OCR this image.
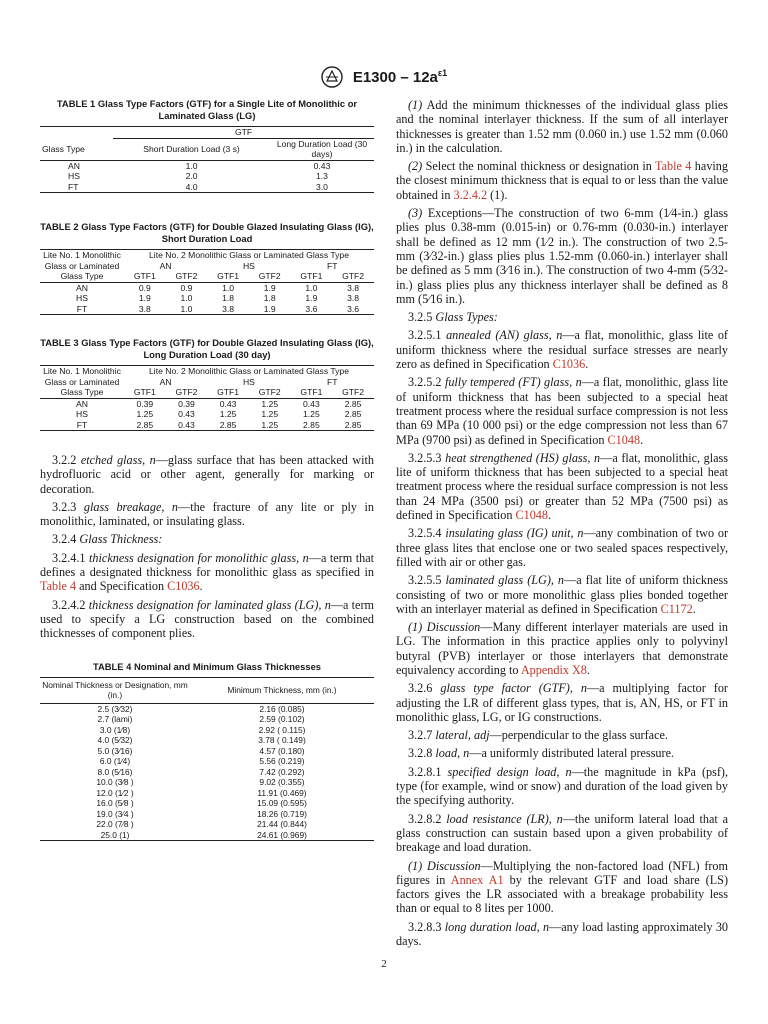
$E1300 - 12a^{\varepsilon 1}$

TABLE 1 Glass Type Factors (GTF) for a Single Lite of Monolithic or Laminated Glass (LG)

	GTF	
Glass Type	Short Duration Load (3 s)	Long Duration Load (30 days)
AN	1.0	0.43
HS	2.0	1.3
FT	4.0	3.0

TABLE 2 Glass Type Factors (GTF) for Double Glazed Insulating Glass (IG), Short Duration Load

Lite No. 1 Monolithic Glass or Laminated Glass Type	Lite No. 2 Monolithic Glass or Laminated Glass Type					
	AN		HS		FT	
	GTF1	GTF2	GTF1	GTF2	GTF1	GTF2
AN	0.9	0.9	1.0	1.9	1.0	3.8
HS	1.9	1.0	1.8	1.8	1.9	3.8
FT	3.8	1.0	3.8	1.9	3.6	3.6

TABLE 3 Glass Type Factors (GTF) for Double Glazed Insulating Glass (IG), Long Duration Load (30 day)

Lite No. 1 Monolithic Glass or Laminated Glass Type	Lite No. 2 Monolithic Glass or Laminated Glass Type					
	AN		HS		FT	
	GTF1	GTF2	GTF1	GTF2	GTF1	GTF2
AN	0.39	0.39	0.43	1.25	0.43	2.85
HS	1.25	0.43	1.25	1.25	1.25	2.85
FT	2.85	0.43	2.85	1.25	2.85	2.85

3.2.2 etched glass, n—glass surface that has been attacked with hydrofluoric acid or other agent, generally for marking or decoration.

3.2.3 glass breakage, n—the fracture of any lite or ply in monolithic, laminated, or insulating glass.

3.2.4 Glass Thickness:

3.2.4.1 thickness designation for monolithic glass, n—a term that defines a designated thickness for monolithic glass as specified in Table 4 and Specification C1036.

3.2.4.2 thickness designation for laminated glass (LG), n—a term used to specify a LG construction based on the combined thicknesses of component plies.

TABLE 4 Nominal and Minimum Glass Thicknesses

Nominal Thickness or Designation, mm (in.)	Minimum Thickness, mm (in.)
2.5 (3⁄32)	2.16 (0.085)
2.7 (lami)	2.59 (0.102)
3.0 (1⁄8)	2.92 ( 0.115)
4.0 (5⁄32)	3.78 ( 0.149)
5.0 (3⁄16)	4.57 (0.180)
6.0 (1⁄4)	5.56 (0.219)
8.0 (5⁄16)	7.42 (0.292)
10.0 (3⁄8 )	9.02 (0.355)
12.0 (1⁄2 )	11.91 (0.469)
16.0 (5⁄8 )	15.09 (0.595)
19.0 (3⁄4 )	18.26 (0.719)
22.0 (7⁄8 )	21.44 (0.844)
25.0 (1)	24.61 (0.969)

(1) Add the minimum thicknesses of the individual glass plies and the nominal interlayer thickness. If the sum of all interlayer thicknesses is greater than 1.52 mm (0.060 in.) use 1.52 mm (0.060 in.) in the calculation.

(2) Select the nominal thickness or designation in Table 4 having the closest minimum thickness that is equal to or less than the value obtained in 3.2.4.2 (1).

(3) Exceptions—The construction of two 6-mm (1⁄4-in.) glass plies plus 0.38-mm (0.015-in) or 0.76-mm (0.030-in.) interlayer shall be defined as 12 mm (1⁄2 in.). The construction of two 2.5-mm (3⁄32-in.) glass plies plus 1.52-mm (0.060-in.) interlayer shall be defined as 5 mm (3⁄16 in.). The construction of two 4-mm (5⁄32-in.) glass plies plus any thickness interlayer shall be defined as 8 mm (5⁄16 in.).

3.2.5 Glass Types:

3.2.5.1 annealed (AN) glass, n—a flat, monolithic, glass lite of uniform thickness where the residual surface stresses are nearly zero as defined in Specification C1036.

3.2.5.2 fully tempered (FT) glass, n—a flat, monolithic, glass lite of uniform thickness that has been subjected to a special heat treatment process where the residual surface compression is not less than 69 MPa (10 000 psi) or the edge compression not less than 67 MPa (9700 psi) as defined in Specification C1048.

3.2.5.3 heat strengthened (HS) glass, n—a flat, monolithic, glass lite of uniform thickness that has been subjected to a special heat treatment process where the residual surface compression is not less than 24 MPa (3500 psi) or greater than 52 MPa (7500 psi) as defined in Specification C1048.

3.2.5.4 insulating glass (IG) unit, n—any combination of two or three glass lites that enclose one or two sealed spaces respectively, filled with air or other gas.

3.2.5.5 laminated glass (LG), n—a flat lite of uniform thickness consisting of two or more monolithic glass plies bonded together with an interlayer material as defined in Specification C1172.

(1) Discussion—Many different interlayer materials are used in LG. The information in this practice applies only to polyvinyl butyral (PVB) interlayer or those interlayers that demonstrate equivalency according to Appendix X8.

3.2.6 glass type factor (GTF), n—a multiplying factor for adjusting the LR of different glass types, that is, AN, HS, or FT in monolithic glass, LG, or IG constructions.

3.2.7 lateral, adj—perpendicular to the glass surface.

3.2.8 load, n—a uniformly distributed lateral pressure.

3.2.8.1 specified design load, n—the magnitude in kPa (psf), type (for example, wind or snow) and duration of the load given by the specifying authority.

3.2.8.2 load resistance (LR), n—the uniform lateral load that a glass construction can sustain based upon a given probability of breakage and load duration.

(1) Discussion—Multiplying the non-factored load (NFL) from figures in Annex A1 by the relevant GTF and load share (LS) factors gives the LR associated with a breakage probability less than or equal to 8 lites per 1000.

3.2.8.3 long duration load, n—any load lasting approximately 30 days.

2
